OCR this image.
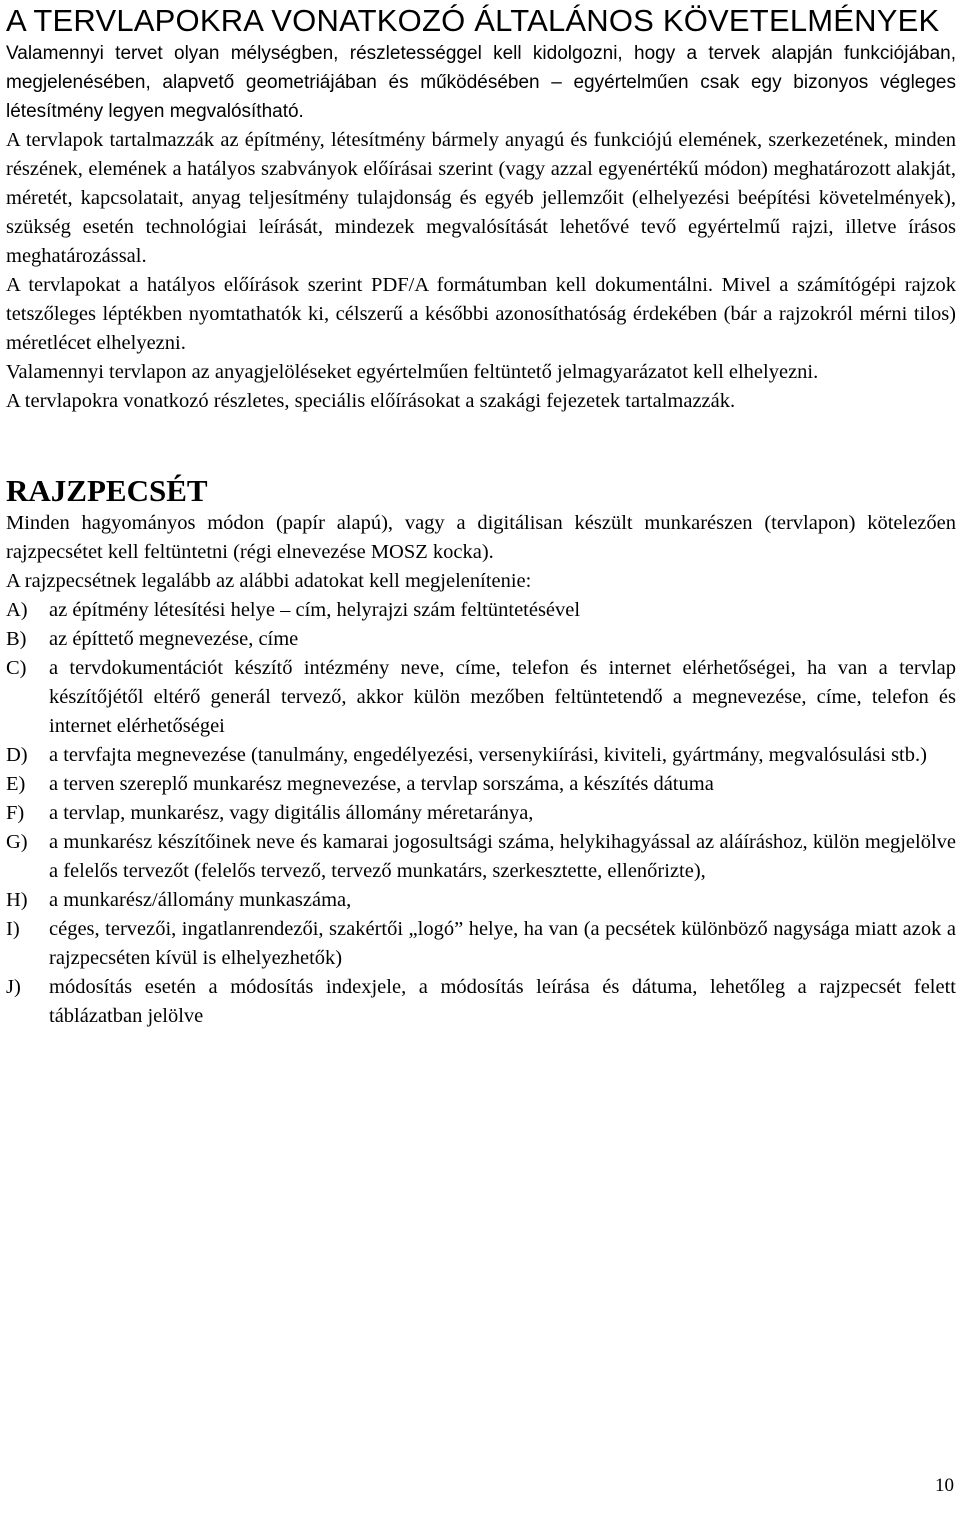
A TERVLAPOKRA VONATKOZÓ ÁLTALÁNOS KÖVETELMÉNYEK

Valamennyi tervet olyan mélységben, részletességgel kell kidolgozni, hogy a tervek alapján funkciójában, megjelenésében, alapvető geometriájában és működésében – egyértelműen csak egy bizonyos végleges létesítmény legyen megvalósítható.

A tervlapok tartalmazzák az építmény, létesítmény bármely anyagú és funkciójú elemének, szerkezetének, minden részének, elemének a hatályos szabványok előírásai szerint (vagy azzal egyenértékű módon) meghatározott alakját, méretét, kapcsolatait, anyag teljesítmény tulajdonság és egyéb jellemzőit (elhelyezési beépítési követelmények), szükség esetén technológiai leírását, mindezek megvalósítását lehetővé tevő egyértelmű rajzi, illetve írásos meghatározással.

A tervlapokat a hatályos előírások szerint PDF/A formátumban kell dokumentálni. Mivel a számítógépi rajzok tetszőleges léptékben nyomtathatók ki, célszerű a későbbi azonosíthatóság érdekében (bár a rajzokról mérni tilos) méretlécet elhelyezni.

Valamennyi tervlapon az anyagjelöléseket egyértelműen feltüntető jelmagyarázatot kell elhelyezni.

A tervlapokra vonatkozó részletes, speciális előírásokat a szakági fejezetek tartalmazzák.

RAJZPECSÉT

Minden hagyományos módon (papír alapú), vagy a digitálisan készült munkarészen (tervlapon) kötelezően rajzpecsétet kell feltüntetni (régi elnevezése MOSZ kocka).

A rajzpecsétnek legalább az alábbi adatokat kell megjelenítenie:

A) az építmény létesítési helye – cím, helyrajzi szám feltüntetésével
B) az építtető megnevezése, címe
C) a tervdokumentációt készítő intézmény neve, címe, telefon és internet elérhetőségei, ha van a tervlap készítőjétől eltérő generál tervező, akkor külön mezőben feltüntetendő a megnevezése, címe, telefon és internet elérhetőségei
D) a tervfajta megnevezése (tanulmány, engedélyezési, versenykiírási, kiviteli, gyártmány, megvalósulási stb.)
E) a terven szereplő munkarész megnevezése, a tervlap sorszáma, a készítés dátuma
F) a tervlap, munkarész, vagy digitális állomány méretaránya,
G) a munkarész készítőinek neve és kamarai jogosultsági száma, helykihagyással az aláíráshoz, külön megjelölve a felelős tervezőt (felelős tervező, tervező munkatárs, szerkesztette, ellenőrizte),
H) a munkarész/állomány munkaszáma,
I) céges, tervezői, ingatlanrendezői, szakértői „logó” helye, ha van (a pecsétek különböző nagysága miatt azok a rajzpecséten kívül is elhelyezhetők)
J) módosítás esetén a módosítás indexjele, a módosítás leírása és dátuma, lehetőleg a rajzpecsét felett táblázatban jelölve
10
